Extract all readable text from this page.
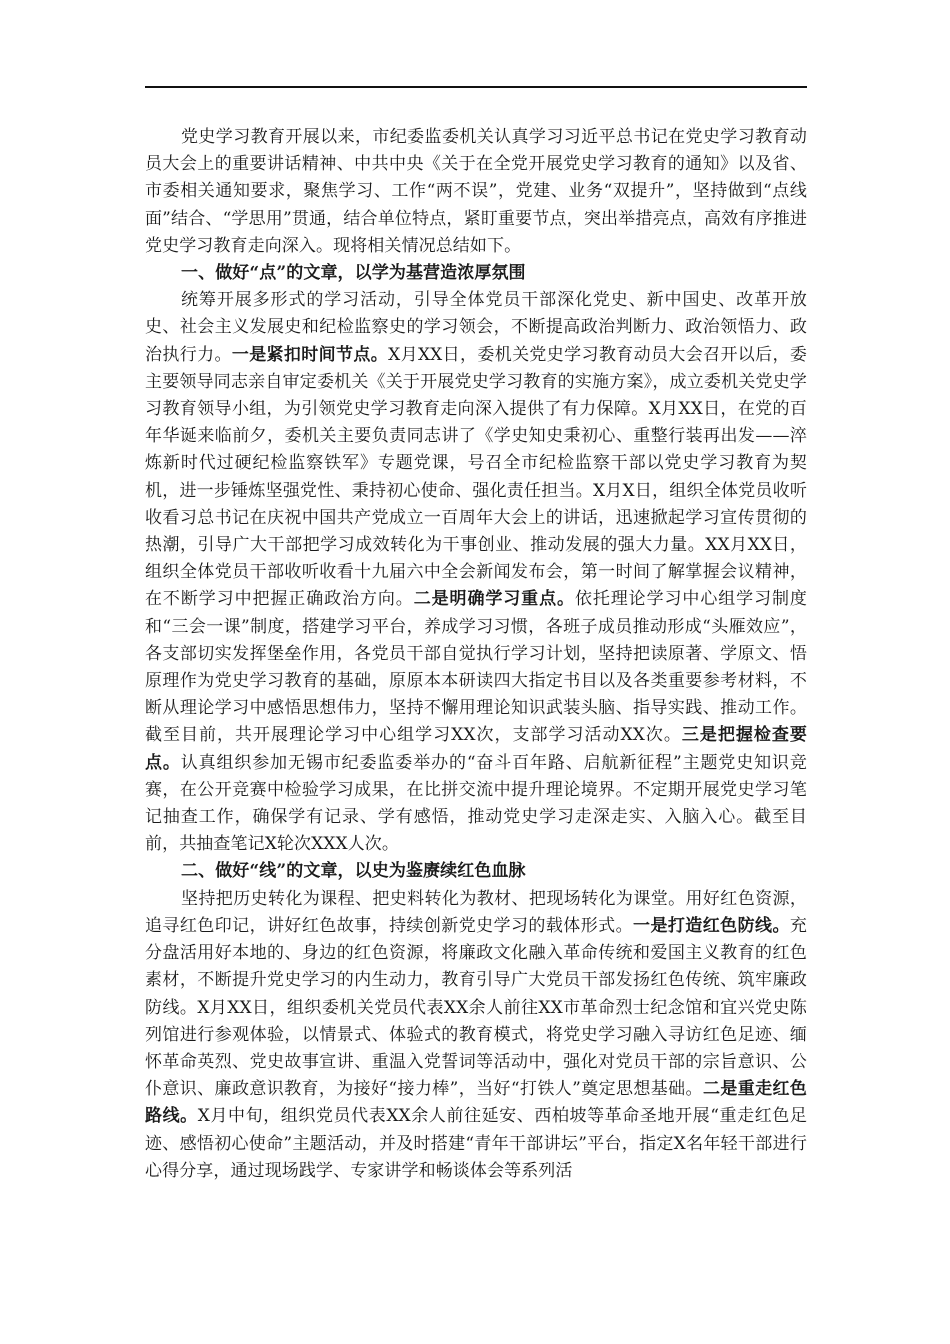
党史学习教育开展以来，市纪委监委机关认真学习习近平总书记在党史学习教育动员大会上的重要讲话精神、中共中央《关于在全党开展党史学习教育的通知》以及省、市委相关通知要求，聚焦学习、工作“两不误”，党建、业务“双提升”，坚持做到“点线面”结合、“学思用”贯通，结合单位特点，紧盯重要节点，突出举措亮点，高效有序推进党史学习教育走向深入。现将相关情况总结如下。

一、做好“点”的文章，以学为基营造浓厚氛围

统筹开展多形式的学习活动，引导全体党员干部深化党史、新中国史、改革开放史、社会主义发展史和纪检监察史的学习领会，不断提高政治判断力、政治领悟力、政治执行力。一是紧扣时间节点。X月XX日，委机关党史学习教育动员大会召开以后，委主要领导同志亲自审定委机关《关于开展党史学习教育的实施方案》，成立委机关党史学习教育领导小组，为引领党史学习教育走向深入提供了有力保障。X月XX日，在党的百年华诞来临前夕，委机关主要负责同志讲了《学史知史秉初心、重整行装再出发——淬炼新时代过硬纪检监察铁军》专题党课，号召全市纪检监察干部以党史学习教育为契机，进一步锤炼坚强党性、秉持初心使命、强化责任担当。X月X日，组织全体党员收听收看习总书记在庆祝中国共产党成立一百周年大会上的讲话，迅速掀起学习宣传贯彻的热潮，引导广大干部把学习成效转化为干事创业、推动发展的强大力量。XX月XX日，组织全体党员干部收听收看十九届六中全会新闻发布会，第一时间了解掌握会议精神，在不断学习中把握正确政治方向。二是明确学习重点。依托理论学习中心组学习制度和“三会一课”制度，搭建学习平台，养成学习习惯，各班子成员推动形成“头雁效应”，各支部切实发挥堡垒作用，各党员干部自觉执行学习计划，坚持把读原著、学原文、悟原理作为党史学习教育的基础，原原本本研读四大指定书目以及各类重要参考材料，不断从理论学习中感悟思想伟力，坚持不懈用理论知识武装头脑、指导实践、推动工作。截至目前，共开展理论学习中心组学习XX次，支部学习活动XX次。三是把握检查要点。认真组织参加无锡市纪委监委举办的“奋斗百年路、启航新征程”主题党史知识竞赛，在公开竞赛中检验学习成果，在比拼交流中提升理论境界。不定期开展党史学习笔记抽查工作，确保学有记录、学有感悟，推动党史学习走深走实、入脑入心。截至目前，共抽查笔记X轮次XXX人次。

二、做好“线”的文章，以史为鉴赓续红色血脉

坚持把历史转化为课程、把史料转化为教材、把现场转化为课堂。用好红色资源，追寻红色印记，讲好红色故事，持续创新党史学习的载体形式。一是打造红色防线。充分盘活用好本地的、身边的红色资源，将廉政文化融入革命传统和爱国主义教育的红色素材，不断提升党史学习的内生动力，教育引导广大党员干部发扬红色传统、筑牢廉政防线。X月XX日，组织委机关党员代表XX余人前往XX市革命烈士纪念馆和宜兴党史陈列馆进行参观体验，以情景式、体验式的教育模式，将党史学习融入寻访红色足迹、缅怀革命英烈、党史故事宣讲、重温入党誓词等活动中，强化对党员干部的宗旨意识、公仆意识、廉政意识教育，为接好“接力棒”，当好“打铁人”奠定思想基础。二是重走红色路线。X月中旬，组织党员代表XX余人前往延安、西柏坡等革命圣地开展“重走红色足迹、感悟初心使命”主题活动，并及时搭建“青年干部讲坛”平台，指定X名年轻干部进行心得分享，通过现场践学、专家讲学和畅谈体会等系列活
